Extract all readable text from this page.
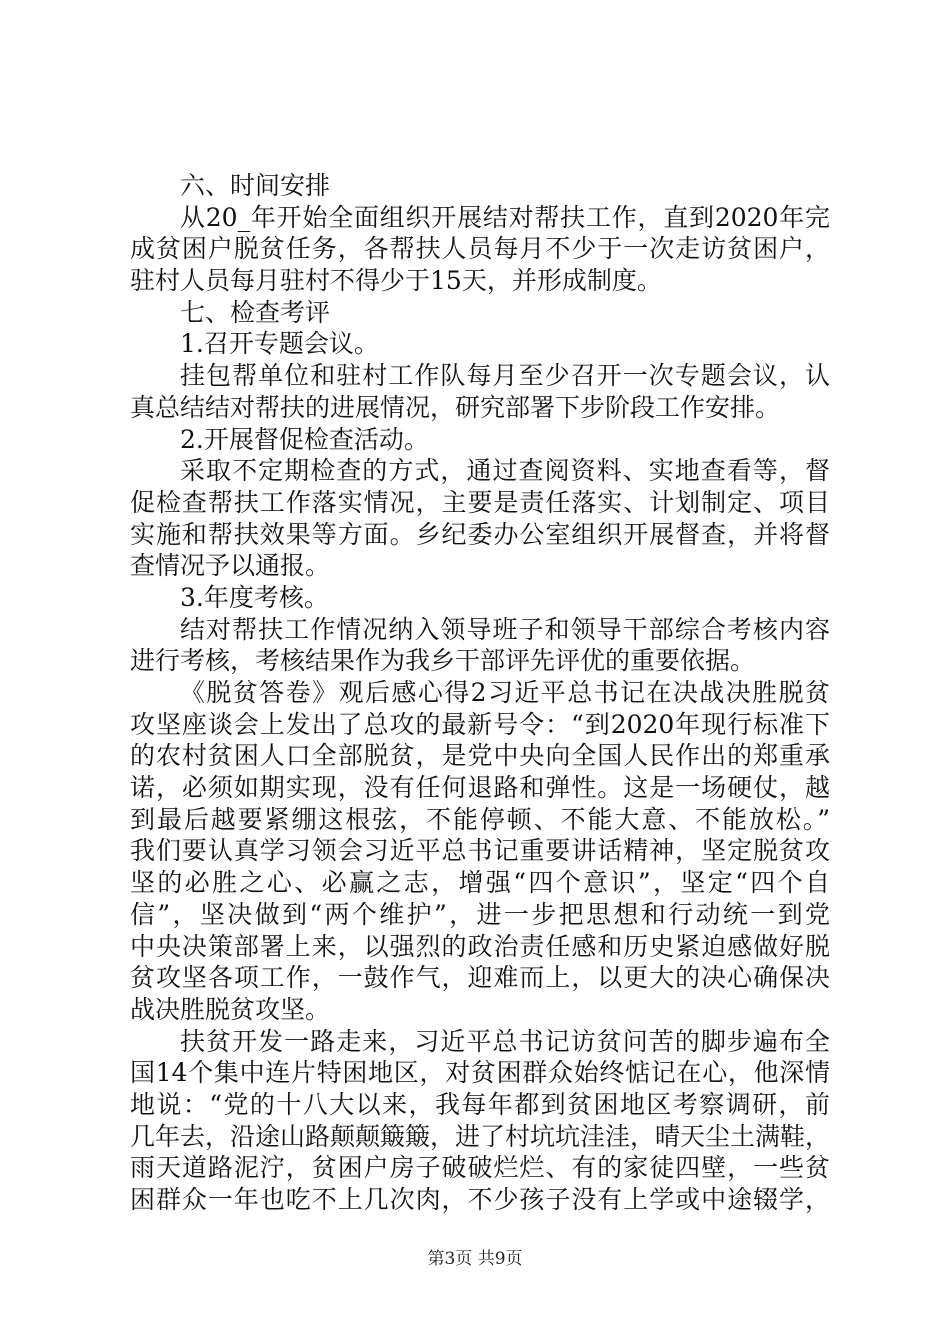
六、时间安排
从20_年开始全面组织开展结对帮扶工作，直到2020年完
成贫困户脱贫任务，各帮扶人员每月不少于一次走访贫困户，
驻村人员每月驻村不得少于15天，并形成制度。
七、检查考评
1.召开专题会议。
挂包帮单位和驻村工作队每月至少召开一次专题会议，认
真总结结对帮扶的进展情况，研究部署下步阶段工作安排。
2.开展督促检查活动。
采取不定期检查的方式，通过查阅资料、实地查看等，督
促检查帮扶工作落实情况，主要是责任落实、计划制定、项目
实施和帮扶效果等方面。乡纪委办公室组织开展督查，并将督
查情况予以通报。
3.年度考核。
结对帮扶工作情况纳入领导班子和领导干部综合考核内容
进行考核，考核结果作为我乡干部评先评优的重要依据。
《脱贫答卷》观后感心得2习近平总书记在决战决胜脱贫
攻坚座谈会上发出了总攻的最新号令：“到2020年现行标准下
的农村贫困人口全部脱贫，是党中央向全国人民作出的郑重承
诺，必须如期实现，没有任何退路和弹性。这是一场硬仗，越
到最后越要紧绷这根弦，不能停顿、不能大意、不能放松。”
我们要认真学习领会习近平总书记重要讲话精神，坚定脱贫攻
坚的必胜之心、必赢之志，增强“四个意识”，坚定“四个自
信”，坚决做到“两个维护”，进一步把思想和行动统一到党
中央决策部署上来，以强烈的政治责任感和历史紧迫感做好脱
贫攻坚各项工作，一鼓作气，迎难而上，以更大的决心确保决
战决胜脱贫攻坚。
扶贫开发一路走来，习近平总书记访贫问苦的脚步遍布全
国14个集中连片特困地区，对贫困群众始终惦记在心，他深情
地说：“党的十八大以来，我每年都到贫困地区考察调研，前
几年去，沿途山路颠颠簸簸，进了村坑坑洼洼，晴天尘土满鞋，
雨天道路泥泞，贫困户房子破破烂烂、有的家徒四壁，一些贫
困群众一年也吃不上几次肉，不少孩子没有上学或中途辍学，
第3页 共9页
